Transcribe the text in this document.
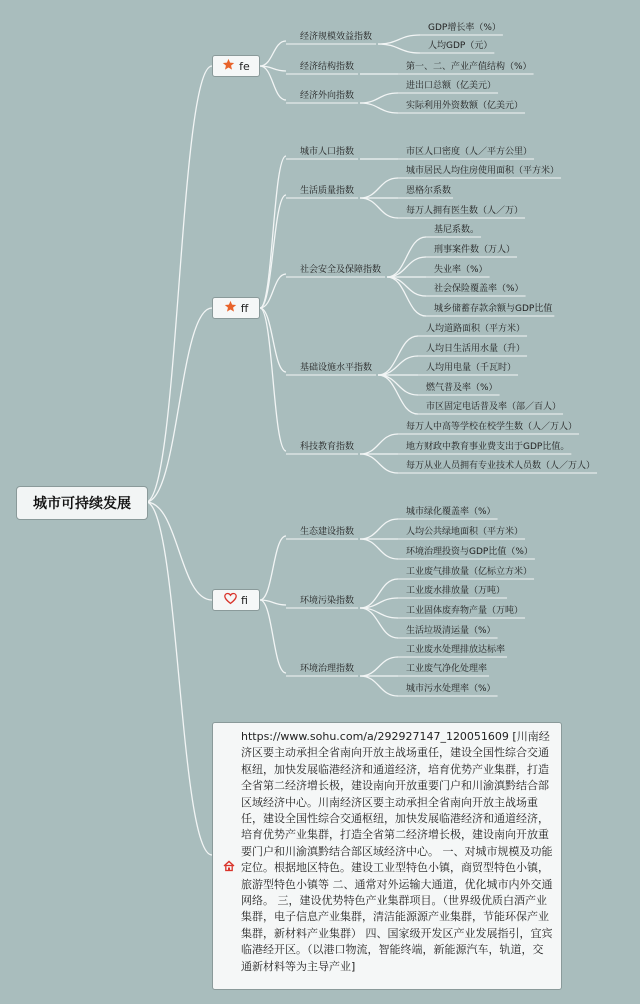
城市可持续发展
fe
ff
fi
https://www.sohu.com/a/292927147_120051609 [川南经济区要主动承担全省南向开放主战场重任，建设全国性综合交通枢纽，加快发展临港经济和通道经济，培育优势产业集群，打造全省第二经济增长极，建设南向开放重要门户和川渝滇黔结合部区域经济中心。川南经济区要主动承担全省南向开放主战场重任，建设全国性综合交通枢纽，加快发展临港经济和通道经济，培育优势产业集群，打造全省第二经济增长极，建设南向开放重要门户和川渝滇黔结合部区域经济中心。 一、对城市规模及功能定位。根据地区特色。建设工业型特色小镇，商贸型特色小镇，旅游型特色小镇等 二、通常对外运输大通道，优化城市内外交通网络。 三，建设优势特色产业集群项目。（世界级优质白酒产业集群，电子信息产业集群，清洁能源源产业集群，节能环保产业集群，新材料产业集群） 四、国家级开发区产业发展指引，宜宾临港经开区。（以港口物流，智能终端，新能源汽车，轨道，交通新材料等为主导产业]
经济规模效益指数
GDP增长率（%）
人均GDP（元）
经济结构指数	第一、二、产业产值结构（%）
经济外向指数
进出口总额（亿美元）
实际利用外资数额（亿美元）
城市人口指数	市区人口密度（人／平方公里）
生活质量指数
城市居民人均住房使用面积（平方米）
恩格尔系数
每万人拥有医生数（人／万）
社会安全及保障指数
基尼系数。
刑事案件数（万人）
失业率（%）
社会保险覆盖率（%）
城乡储蓄存款余额与GDP比值
基础设施水平指数
人均道路面积（平方米）
人均日生活用水量（升）
人均用电量（千瓦时）
燃气普及率（%）
市区固定电话普及率（部／百人）
科技教育指数
每万人中高等学校在校学生数（人／万人）
地方财政中教育事业费支出于GDP比值。
每万从业人员拥有专业技术人员数（人／万人）
生态建设指数
城市绿化覆盖率（%）
人均公共绿地面积（平方米）
环境治理投资与GDP比值（%）
环境污染指数
工业废气排放量（亿标立方米）
工业废水排放量（万吨）
工业固体废弃物产量（万吨）
生活垃圾清运量（%）
环境治理指数
工业废水处理排放达标率
工业废气净化处理率
城市污水处理率（%）
